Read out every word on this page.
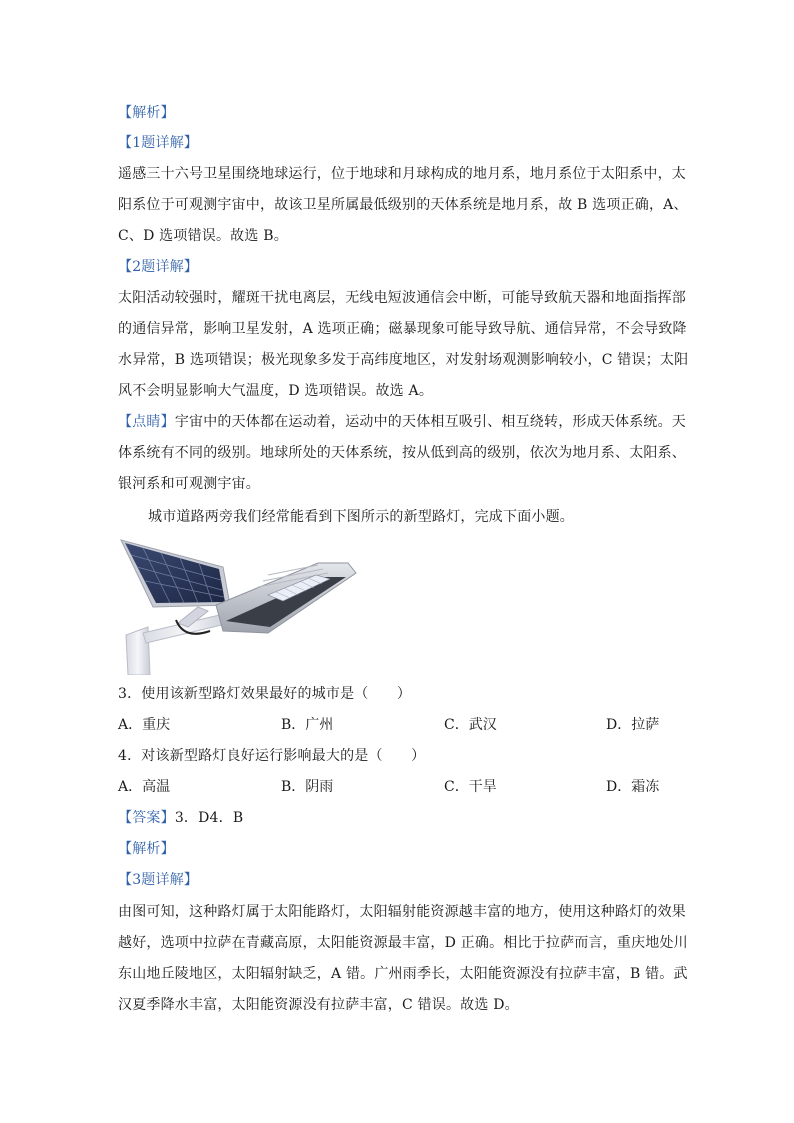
【解析】
【1题详解】
遥感三十六号卫星围绕地球运行，位于地球和月球构成的地月系，地月系位于太阳系中，太
阳系位于可观测宇宙中，故该卫星所属最低级别的天体系统是地月系，故 B 选项正确，A、
C、D 选项错误。故选 B。
【2题详解】
太阳活动较强时，耀斑干扰电离层，无线电短波通信会中断，可能导致航天器和地面指挥部
的通信异常，影响卫星发射，A 选项正确；磁暴现象可能导致导航、通信异常，不会导致降
水异常，B 选项错误；极光现象多发于高纬度地区，对发射场观测影响较小，C 错误；太阳
风不会明显影响大气温度，D 选项错误。故选 A。
【点睛】宇宙中的天体都在运动着，运动中的天体相互吸引、相互绕转，形成天体系统。天
体系统有不同的级别。地球所处的天体系统，按从低到高的级别，依次为地月系、太阳系、
银河系和可观测宇宙。
城市道路两旁我们经常能看到下图所示的新型路灯，完成下面小题。
3．使用该新型路灯效果最好的城市是（　　）
A．重庆	B．广州	C．武汉	D．拉萨
4．对该新型路灯良好运行影响最大的是（　　）
A．高温	B．阴雨	C．干旱	D．霜冻
【答案】3．D4．B
【解析】
【3题详解】
由图可知，这种路灯属于太阳能路灯，太阳辐射能资源越丰富的地方，使用这种路灯的效果
越好，选项中拉萨在青藏高原，太阳能资源最丰富，D 正确。相比于拉萨而言，重庆地处川
东山地丘陵地区，太阳辐射缺乏，A 错。广州雨季长，太阳能资源没有拉萨丰富，B 错。武
汉夏季降水丰富，太阳能资源没有拉萨丰富，C 错误。故选 D。
